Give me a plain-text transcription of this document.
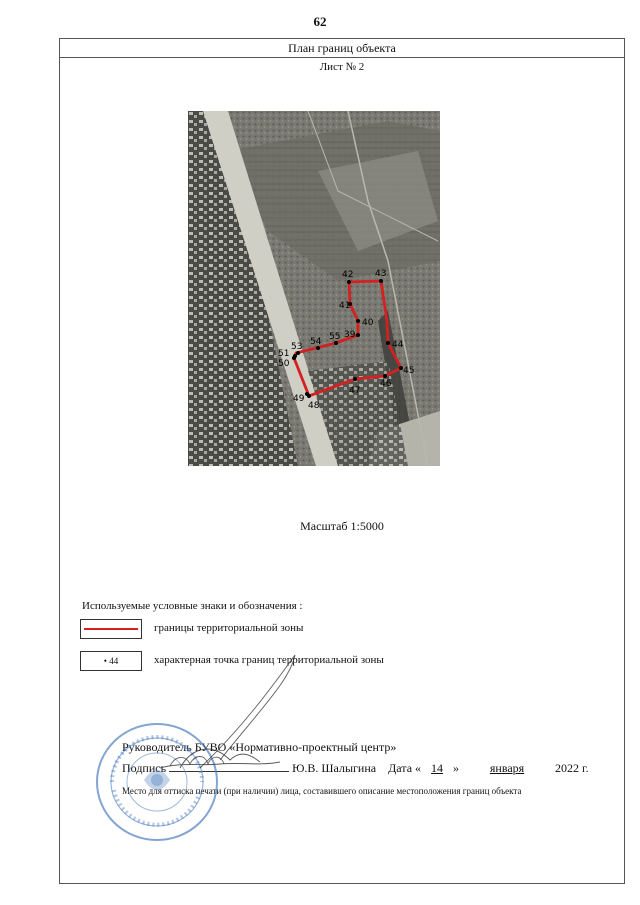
62
План границ объекта
Лист № 2
42 43
41
40
39
55
54
53
51
50
44
45
46
47
49
48
Масштаб 1:5000
Используемые условные знаки и обозначения :
границы территориальной зоны
• 44	характерная точка границ территориальной зоны
Руководитель БУВО «Нормативно-проектный центр»
Подпись	Ю.В. Шалыгина Дата « 14 »	января	2022 г.
Место для оттиска печати (при наличии) лица, составившего описание местоположения границ объекта
